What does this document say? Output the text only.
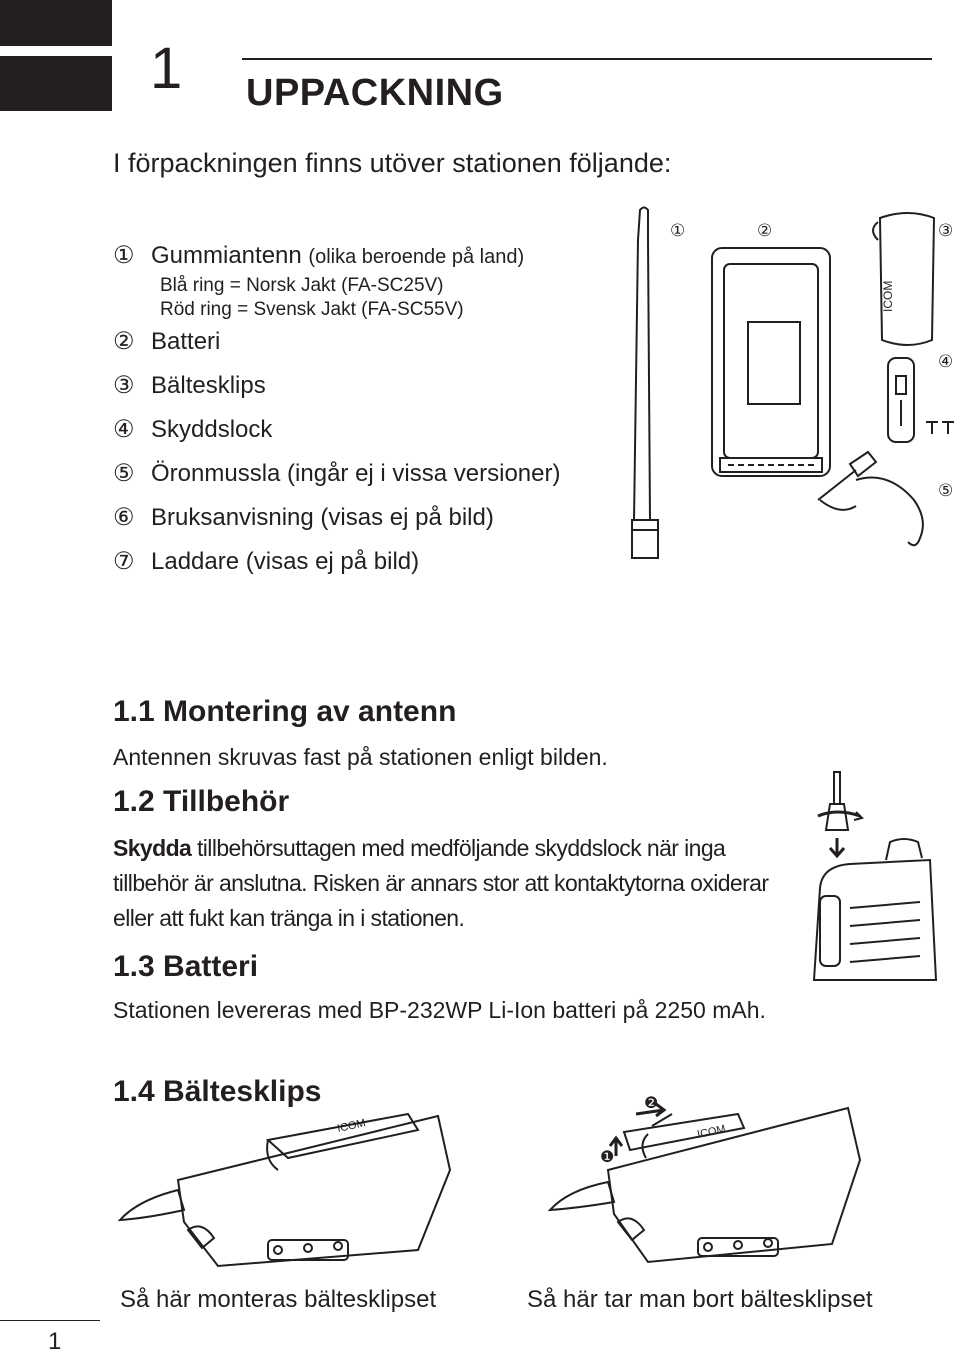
1 UPPACKNING

I förpackningen finns utöver stationen följande:

① Gummiantenn (olika beroende på land)
Blå ring = Norsk Jakt (FA-SC25V)
Röd ring = Svensk Jakt (FA-SC55V)
② Batteri
③ Bältesklips
④ Skyddslock
⑤ Öronmussla (ingår ej i vissa versioner)
⑥ Bruksanvisning (visas ej på bild)
⑦ Laddare (visas ej på bild)
ICOM
①	②	③
④
⑤
1.1 Montering av antenn

Antennen skruvas fast på stationen enligt bilden.

1.2 Tillbehör

Skydda tillbehörsuttagen med medföljande skyddslock när inga tillbehör är anslutna. Risken är annars stor att kontaktytorna oxiderar eller att fukt kan tränga in i stationen.

1.3 Batteri

Stationen levereras med BP-232WP Li-Ion batteri på 2250 mAh.

1.4 Bältesklips
ICOM	ICOM
❷
❶
Så här monteras bältesklipset	Så här tar man bort bältesklipset
1
